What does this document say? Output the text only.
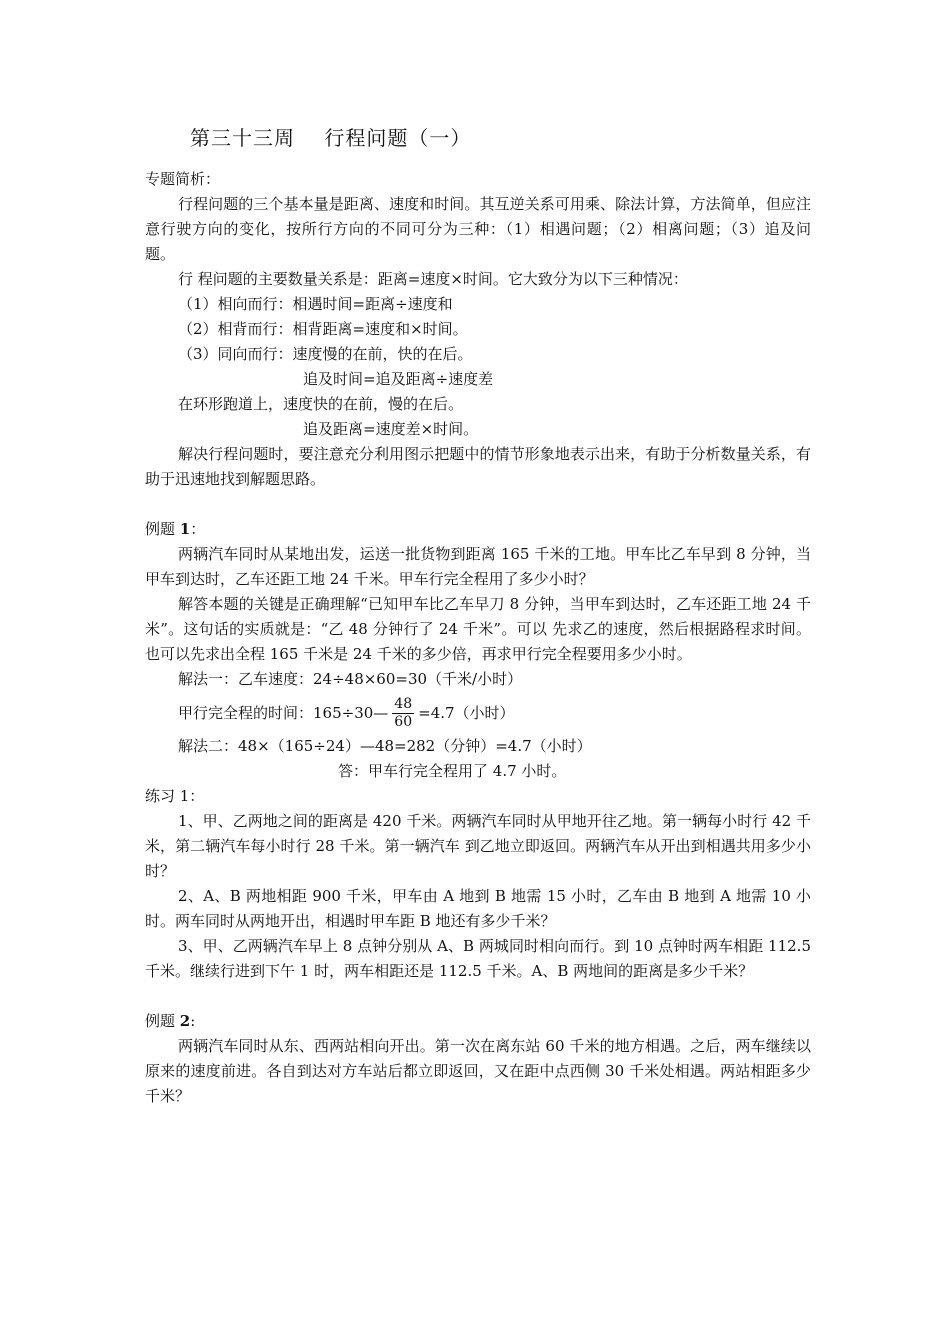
第三十三周    行程问题（一）

专题简析：

行程问题的三个基本量是距离、速度和时间。其互逆关系可用乘、除法计算，方法简单，但应注意行驶方向的变化，按所行方向的不同可分为三种：（1）相遇问题；（2）相离问题；（3）追及问题。

行 程问题的主要数量关系是：距离=速度×时间。它大致分为以下三种情况：

（1）相向而行：相遇时间=距离÷速度和

（2）相背而行：相背距离=速度和×时间。

（3）同向而行：速度慢的在前，快的在后。

追及时间=追及距离÷速度差

在环形跑道上，速度快的在前，慢的在后。

追及距离=速度差×时间。

解决行程问题时，要注意充分利用图示把题中的情节形象地表示出来，有助于分析数量关系，有助于迅速地找到解题思路。

例题 1：

两辆汽车同时从某地出发，运送一批货物到距离 165 千米的工地。甲车比乙车早到 8 分钟，当甲车到达时，乙车还距工地 24 千米。甲车行完全程用了多少小时？

解答本题的关键是正确理解“已知甲车比乙车早刀 8 分钟，当甲车到达时，乙车还距工地 24 千米”。这句话的实质就是：“乙 48 分钟行了 24 千米”。可以 先求乙的速度，然后根据路程求时间。也可以先求出全程 165 千米是 24 千米的多少倍，再求甲行完全程要用多少小时。

解法一：乙车速度：24÷48×60=30（千米/小时）

甲行完全程的时间：165÷30— $\frac{48}{60} =4.7$（小时）

解法二：48×（165÷24）—48=282（分钟）=4.7（小时）

答：甲车行完全程用了 4.7 小时。

练习 1：

1、甲、乙两地之间的距离是 420 千米。两辆汽车同时从甲地开往乙地。第一辆每小时行 42 千米，第二辆汽车每小时行 28 千米。第一辆汽车 到乙地立即返回。两辆汽车从开出到相遇共用多少小时？

2、A、B 两地相距 900 千米，甲车由 A 地到 B 地需 15 小时，乙车由 B 地到 A 地需 10 小时。两车同时从两地开出，相遇时甲车距 B 地还有多少千米？

3、甲、乙两辆汽车早上 8 点钟分别从 A、B 两城同时相向而行。到 10 点钟时两车相距 112.5 千米。继续行进到下午 1 时，两车相距还是 112.5 千米。A、B 两地间的距离是多少千米？

例题 2:

两辆汽车同时从东、西两站相向开出。第一次在离东站 60 千米的地方相遇。之后，两车继续以原来的速度前进。各自到达对方车站后都立即返回，又在距中点西侧 30 千米处相遇。两站相距多少千米？
